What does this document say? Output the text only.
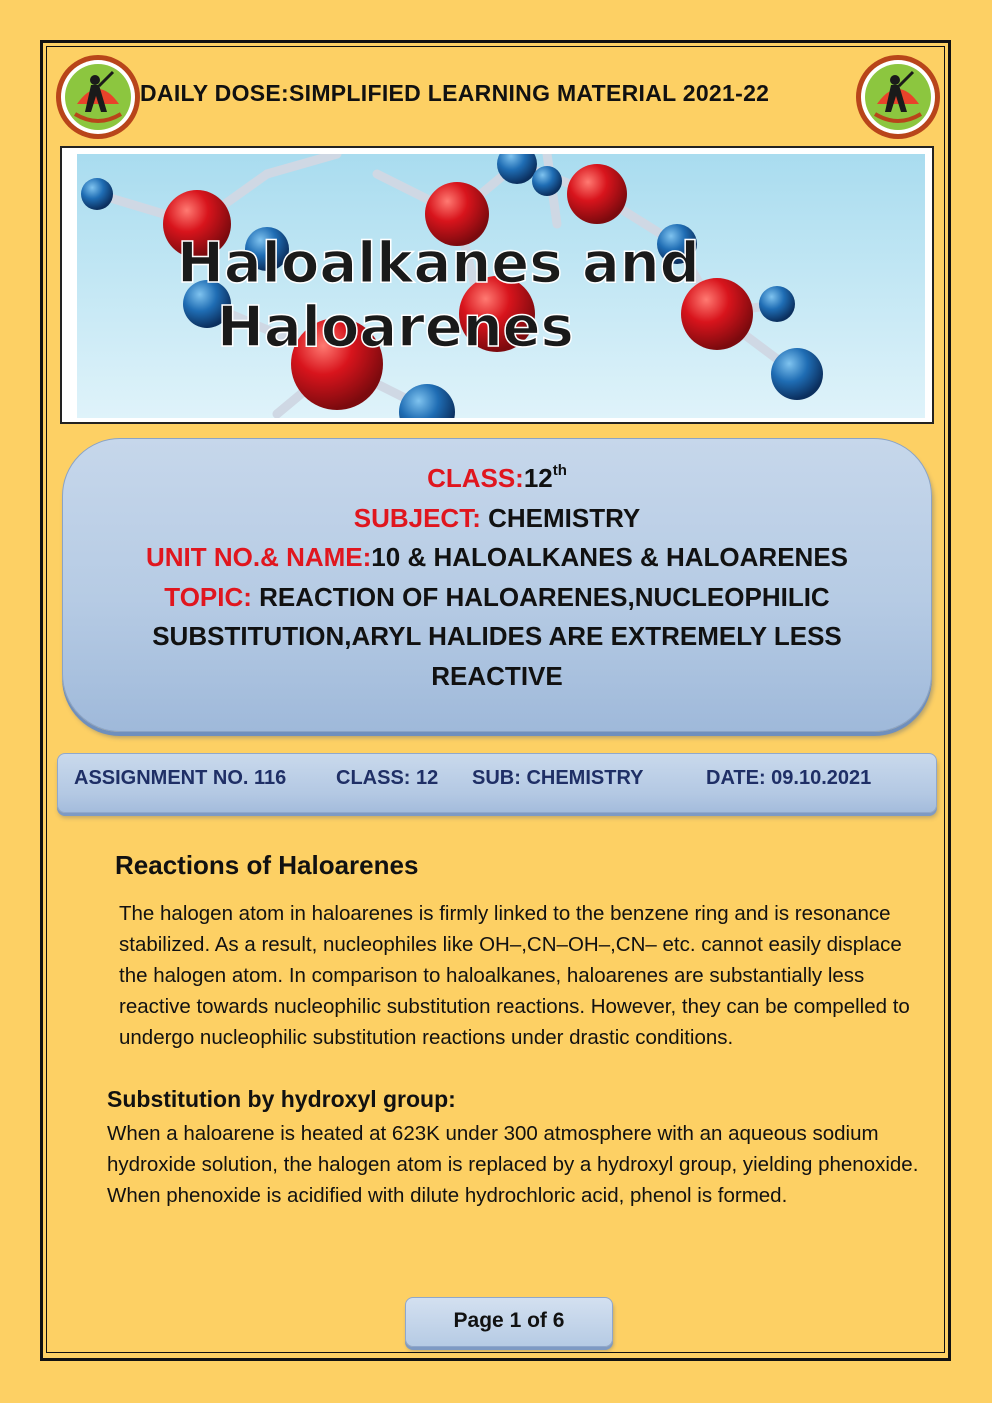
DAILY DOSE:SIMPLIFIED LEARNING MATERIAL 2021-22
Haloalkanes and
Haloarenes
CLASS:12th
SUBJECT: CHEMISTRY
UNIT NO.& NAME:10 & HALOALKANES & HALOARENES
TOPIC: REACTION OF HALOARENES,NUCLEOPHILIC
SUBSTITUTION,ARYL HALIDES ARE EXTREMELY LESS
REACTIVE
ASSIGNMENT NO. 116 CLASS: 12 SUB: CHEMISTRY	DATE: 09.10.2021
Reactions of Haloarenes
The halogen atom in haloarenes is firmly linked to the benzene ring and is resonance stabilized. As a result, nucleophiles like OH–,CN–OH–,CN– etc. cannot easily displace the halogen atom. In comparison to haloalkanes, haloarenes are substantially less reactive towards nucleophilic substitution reactions. However, they can be compelled to undergo nucleophilic substitution reactions under drastic conditions.
Substitution by hydroxyl group:
When a haloarene is heated at 623K under 300 atmosphere with an aqueous sodium hydroxide solution, the halogen atom is replaced by a hydroxyl group, yielding phenoxide. When phenoxide is acidified with dilute hydrochloric acid, phenol is formed.
Page 1 of 6
